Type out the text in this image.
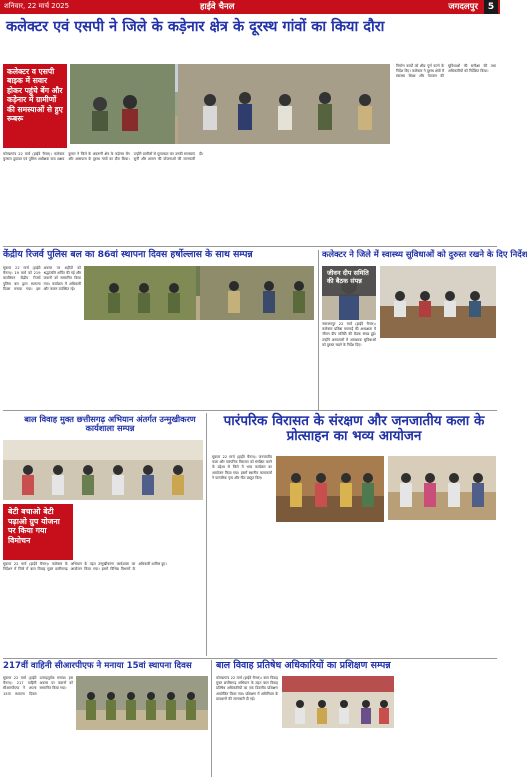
शनिवार, 22 मार्च 2025	हाईवे चैनल	जगदलपुर	5
कलेक्टर एवं एसपी ने जिले के कड़ेनार क्षेत्र के दूरस्थ गांवों का किया दौरा
कलेक्टर व एसपी बाइक में सवार होकर पहुंचे बेंग और कड़ेनार में ग्रामीणों की समस्याओं से हुए रूबरू
कोण्डागांव 22 मार्च (हाईवे चैनल)। कलेक्टर कुणाल दुदावत एवं पुलिस अधीक्षक वाय अक्षय कुमार ने जिले के अंदरूनी क्षेत्र के कड़ेनार बेंग और आसपास के दूरस्थ गांवों का दौरा किया। उन्होंने ग्रामीणों से मुलाकात कर उनकी समस्याएं सुनीं और शासन की योजनाओं की जानकारी दी।
निर्माण कार्यों को शीघ्र पूर्ण करने के निर्देश दिए। कलेक्टर ने दूरस्थ क्षेत्रों में स्वास्थ्य शिक्षा और पेयजल की सुविधाओं की समीक्षा की तथा अधिकारियों को निर्देशित किया।
केंद्रीय रिजर्व पुलिस बल का 86वां स्थापना दिवस हर्षोल्लास के साथ सम्पन्न
सुकमा 22 मार्च (हाईवे चैनल)। 19 मार्च को 219 बटालियन केंद्रीय रिजर्व पुलिस बल द्वारा स्थापना दिवस मनाया गया। इस अवसर पर शहीदों को श्रद्धांजलि अर्पित की गई और जवानों को सम्मानित किया गया। कार्यक्रम में अधिकारी और जवान उपस्थित रहे।
कलेक्टर ने जिले में स्वास्थ्य सुविधाओं को दुरुस्त रखने के दिए निर्देश
जीवन दीप समिति की बैठक संपन्न
नारायणपुर 22 मार्च (हाईवे चैनल)। कलेक्टर प्रतिष्ठा ममगाईं की अध्यक्षता में जीवन दीप समिति की बैठक संपन्न हुई। उन्होंने अस्पतालों में आवश्यक सुविधाओं को दुरुस्त रखने के निर्देश दिए।
बाल विवाह मुक्त छत्तीसगढ़ अभियान अंतर्गत उन्मुखीकरण कार्यशाला सम्पन्न
बेटी बचाओ बेटी पढ़ाओ ग्रुप योजना पर किया गया विमोचन
सुकमा 22 मार्च (हाईवे चैनल)। कलेक्टर के निर्देशन में जिले में बाल विवाह मुक्त छत्तीसगढ़ अभियान के तहत उन्मुखीकरण कार्यशाला का आयोजन किया गया। इसमें विभिन्न विभागों के अधिकारी शामिल हुए।
पारंपरिक विरासत के संरक्षण और जनजातीय कला के प्रोत्साहन का भव्य आयोजन
सुकमा 22 मार्च (हाईवे चैनल)। जनजातीय कला और पारंपरिक विरासत को संरक्षित करने के उद्देश्य से जिले में भव्य कार्यक्रम का आयोजन किया गया। इसमें स्थानीय कलाकारों ने पारंपरिक नृत्य और गीत प्रस्तुत किए।
217वीं वाहिनी सीआरपीएफ ने मनाया 15वां स्थापना दिवस
सुकमा 22 मार्च (हाईवे चैनल)। 217 वाहिनी सीआरपीएफ ने अपना 15वां स्थापना दिवस उत्साहपूर्वक मनाया। इस अवसर पर जवानों को सम्मानित किया गया।
बाल विवाह प्रतिषेध अधिकारियों का प्रशिक्षण सम्पन्न
कोण्डागांव 22 मार्च (हाईवे चैनल)। बाल विवाह मुक्त छत्तीसगढ़ अभियान के तहत बाल विवाह प्रतिषेध अधिकारियों का एक दिवसीय प्रशिक्षण आयोजित किया गया। प्रशिक्षण में अधिनियम के प्रावधानों की जानकारी दी गई।
